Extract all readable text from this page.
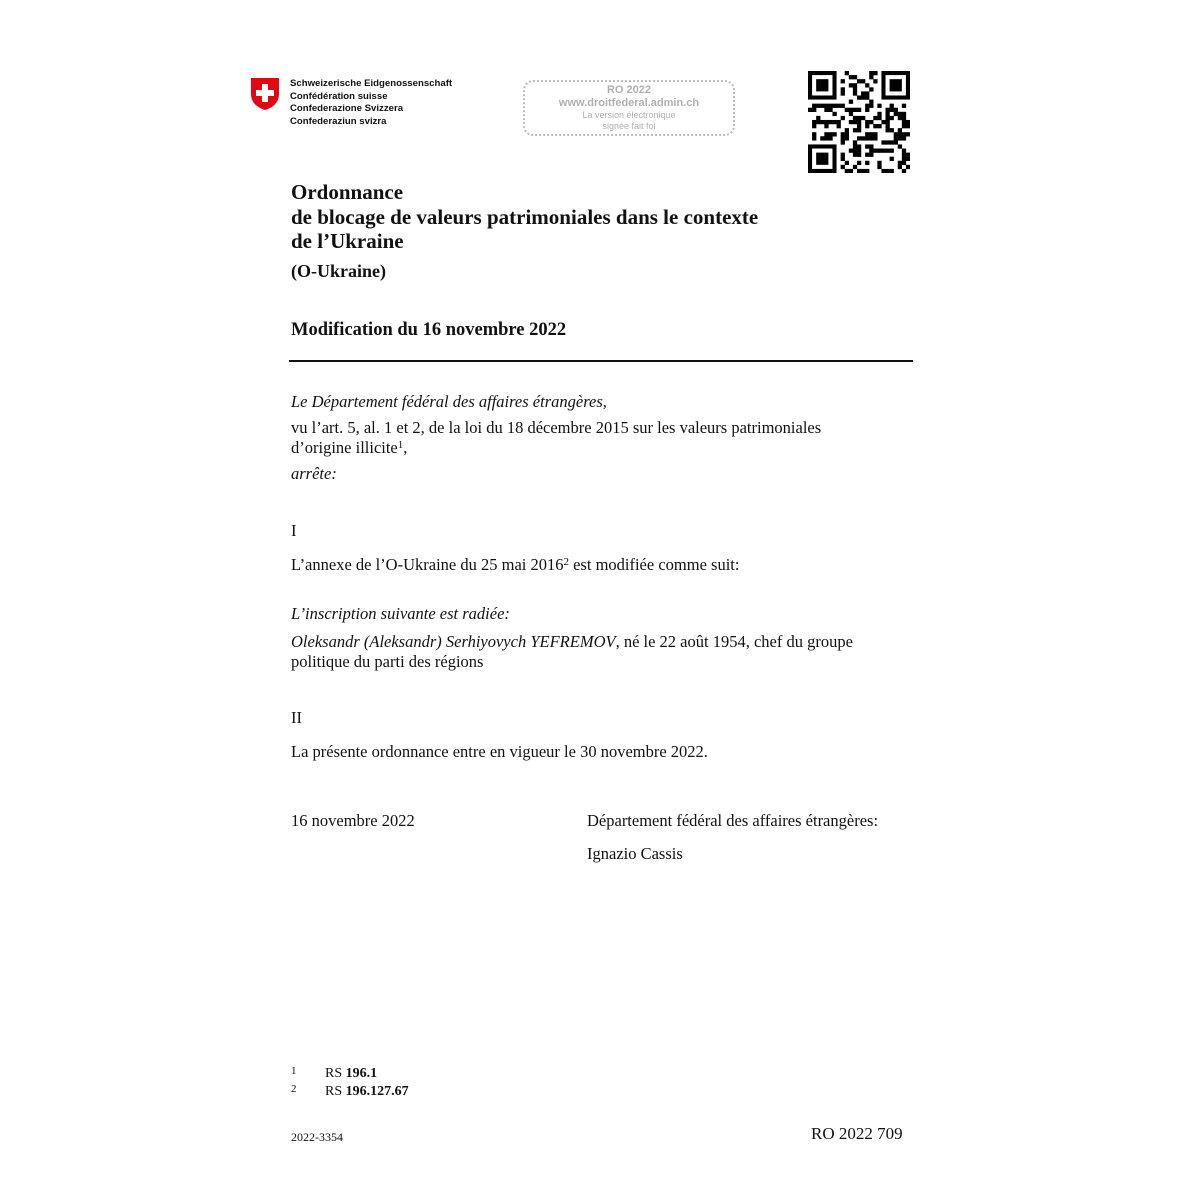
Schweizerische Eidgenossenschaft
Confédération suisse
Confederazione Svizzera
Confederaziun svizra
RO 2022
www.droitfederal.admin.ch
La version électronique
signée fait foi
Ordonnance
de blocage de valeurs patrimoniales dans le contexte
de l’Ukraine
(O-Ukraine)
Modification du 16 novembre 2022
Le Département fédéral des affaires étrangères,
vu l’art. 5, al. 1 et 2, de la loi du 18 décembre 2015 sur les valeurs patrimoniales
d’origine illicite$^1$,
arrête:
I
L’annexe de l’O-Ukraine du 25 mai 2016$^2$ est modifiée comme suit:
L’inscription suivante est radiée:
Oleksandr (Aleksandr) Serhiyovych YEFREMOV, né le 22 août 1954, chef du groupe
politique du parti des régions
II
La présente ordonnance entre en vigueur le 30 novembre 2022.
16 novembre 2022	Département fédéral des affaires étrangères:
Ignazio Cassis
1 RS 196.1
2 RS 196.127.67
2022-3354	RO 2022 709
